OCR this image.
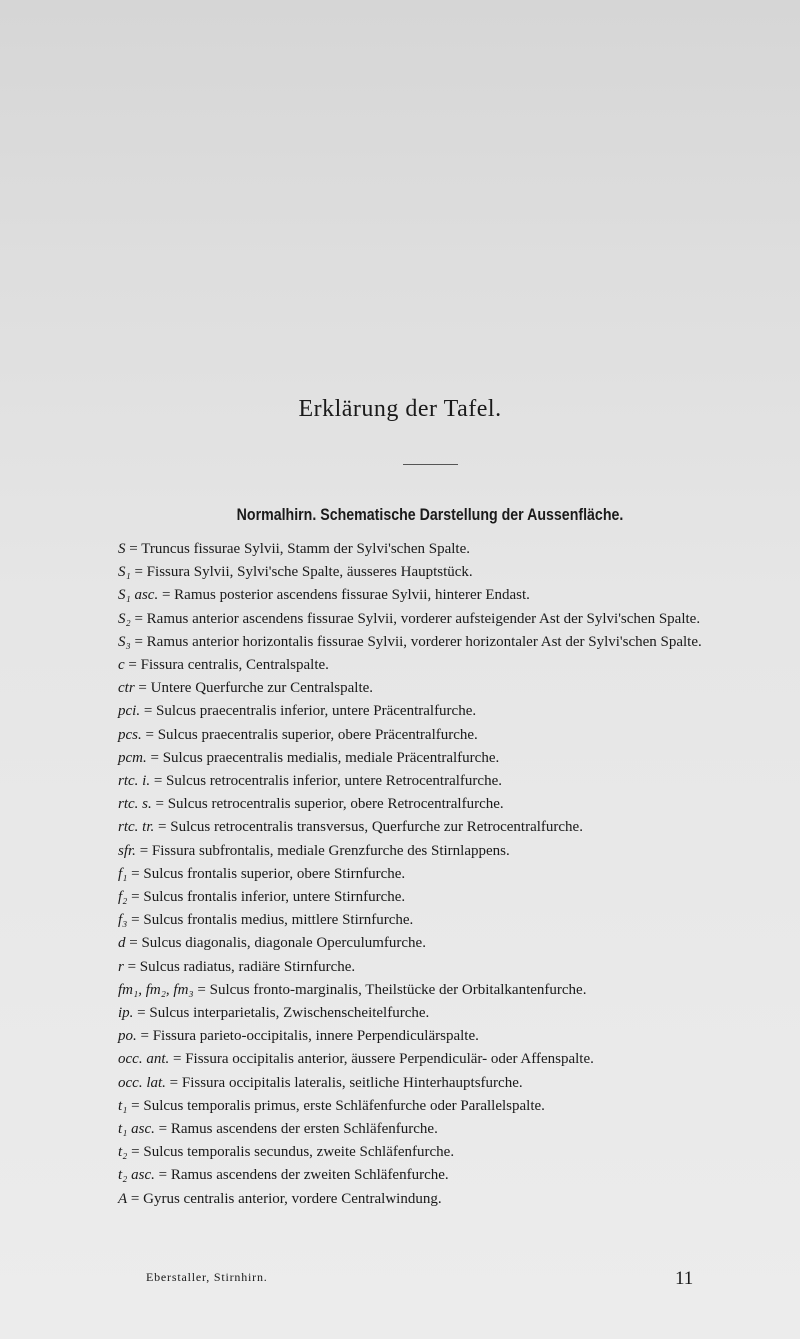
Erklärung der Tafel.
Normalhirn. Schematische Darstellung der Aussenfläche.

S = Truncus fissurae Sylvii, Stamm der Sylvi'schen Spalte.

S₁ = Fissura Sylvii, Sylvi'sche Spalte, äusseres Hauptstück.

S₁ asc. = Ramus posterior ascendens fissurae Sylvii, hinterer Endast.

S₂ = Ramus anterior ascendens fissurae Sylvii, vorderer aufsteigender Ast der Sylvi'schen Spalte.

S₃ = Ramus anterior horizontalis fissurae Sylvii, vorderer horizontaler Ast der Sylvi'schen Spalte.

c = Fissura centralis, Centralspalte.

ctr = Untere Querfurche zur Centralspalte.

pci. = Sulcus praecentralis inferior, untere Präcentralfurche.

pcs. = Sulcus praecentralis superior, obere Präcentralfurche.

pcm. = Sulcus praecentralis medialis, mediale Präcentralfurche.

rtc. i. = Sulcus retrocentralis inferior, untere Retrocentralfurche.

rtc. s. = Sulcus retrocentralis superior, obere Retrocentralfurche.

rtc. tr. = Sulcus retrocentralis transversus, Querfurche zur Retrocentralfurche.

sfr. = Fissura subfrontalis, mediale Grenzfurche des Stirnlappens.

f₁ = Sulcus frontalis superior, obere Stirnfurche.

f₂ = Sulcus frontalis inferior, untere Stirnfurche.

f₃ = Sulcus frontalis medius, mittlere Stirnfurche.

d = Sulcus diagonalis, diagonale Operculumfurche.

r = Sulcus radiatus, radiäre Stirnfurche.

fm₁, fm₂, fm₃ = Sulcus fronto-marginalis, Theilstücke der Orbitalkantenfurche.

ip. = Sulcus interparietalis, Zwischenscheitelfurche.

po. = Fissura parieto-occipitalis, innere Perpendiculärspalte.

occ. ant. = Fissura occipitalis anterior, äussere Perpendiculär- oder Affenspalte.

occ. lat. = Fissura occipitalis lateralis, seitliche Hinterhauptsfurche.

t₁ = Sulcus temporalis primus, erste Schläfenfurche oder Parallelspalte.

t₁ asc. = Ramus ascendens der ersten Schläfenfurche.

t₂ = Sulcus temporalis secundus, zweite Schläfenfurche.

t₂ asc. = Ramus ascendens der zweiten Schläfenfurche.

A = Gyrus centralis anterior, vordere Centralwindung.

Eberstaller, Stirnhirn.	11
